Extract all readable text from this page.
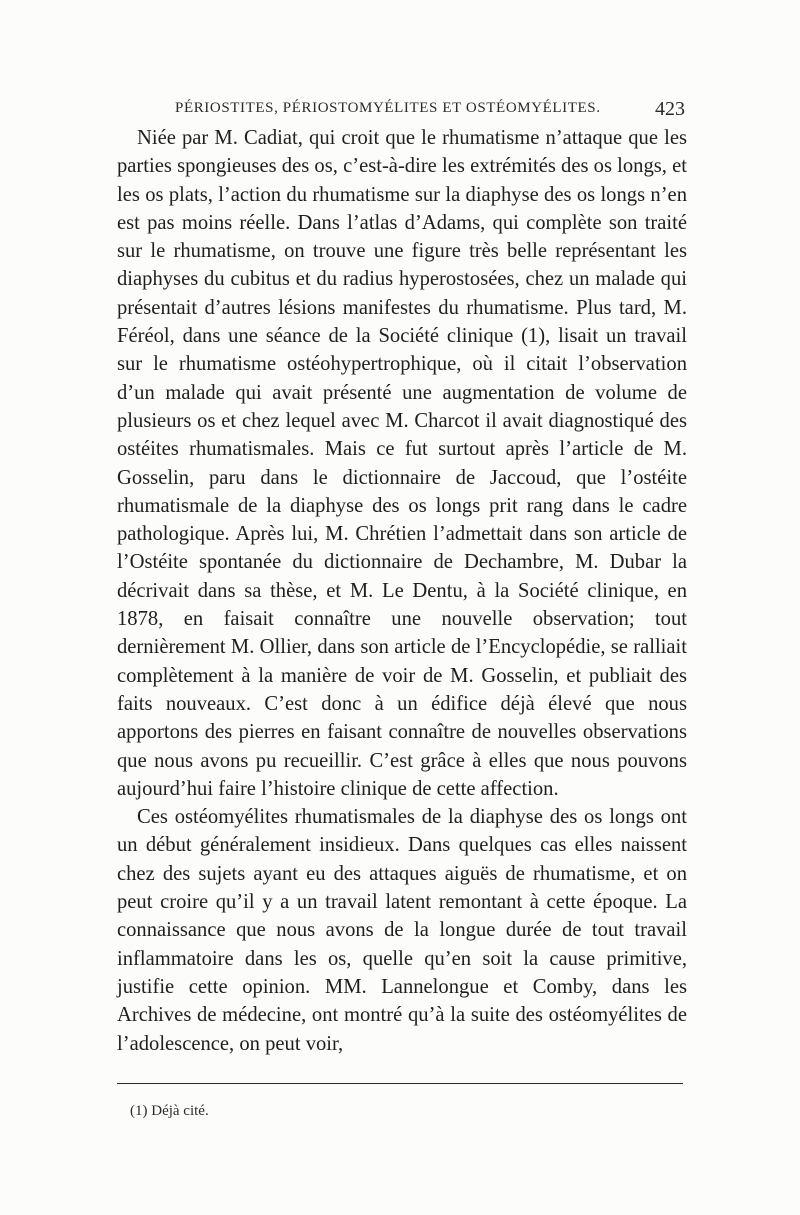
PÉRIOSTITES, PÉRIOSTOMYÉLITES ET OSTÉOMYÉLITES.	423

Niée par M. Cadiat, qui croit que le rhumatisme n’attaque que les parties spongieuses des os, c’est-à-dire les extrémités des os longs, et les os plats, l’action du rhumatisme sur la diaphyse des os longs n’en est pas moins réelle. Dans l’atlas d’Adams, qui complète son traité sur le rhumatisme, on trouve une figure très belle représentant les diaphyses du cubitus et du radius hyperostosées, chez un malade qui présentait d’autres lésions manifestes du rhumatisme. Plus tard, M. Féréol, dans une séance de la Société clinique (1), lisait un travail sur le rhumatisme ostéohypertrophique, où il citait l’observation d’un malade qui avait présenté une augmentation de volume de plusieurs os et chez lequel avec M. Charcot il avait diagnostiqué des ostéites rhumatismales. Mais ce fut surtout après l’article de M. Gosselin, paru dans le dictionnaire de Jaccoud, que l’ostéite rhumatismale de la diaphyse des os longs prit rang dans le cadre pathologique. Après lui, M. Chrétien l’admettait dans son article de l’Ostéite spontanée du dictionnaire de Dechambre, M. Dubar la décrivait dans sa thèse, et M. Le Dentu, à la Société clinique, en 1878, en faisait connaître une nouvelle observation; tout dernièrement M. Ollier, dans son article de l’Encyclopédie, se ralliait complètement à la manière de voir de M. Gosselin, et publiait des faits nouveaux. C’est donc à un édifice déjà élevé que nous apportons des pierres en faisant connaître de nouvelles observations que nous avons pu recueillir. C’est grâce à elles que nous pouvons aujourd’hui faire l’histoire clinique de cette affection.

Ces ostéomyélites rhumatismales de la diaphyse des os longs ont un début généralement insidieux. Dans quelques cas elles naissent chez des sujets ayant eu des attaques aiguës de rhumatisme, et on peut croire qu’il y a un travail latent remontant à cette époque. La connaissance que nous avons de la longue durée de tout travail inflammatoire dans les os, quelle qu’en soit la cause primitive, justifie cette opinion. MM. Lannelongue et Comby, dans les Archives de médecine, ont montré qu’à la suite des ostéomyélites de l’adolescence, on peut voir,

(1) Déjà cité.
